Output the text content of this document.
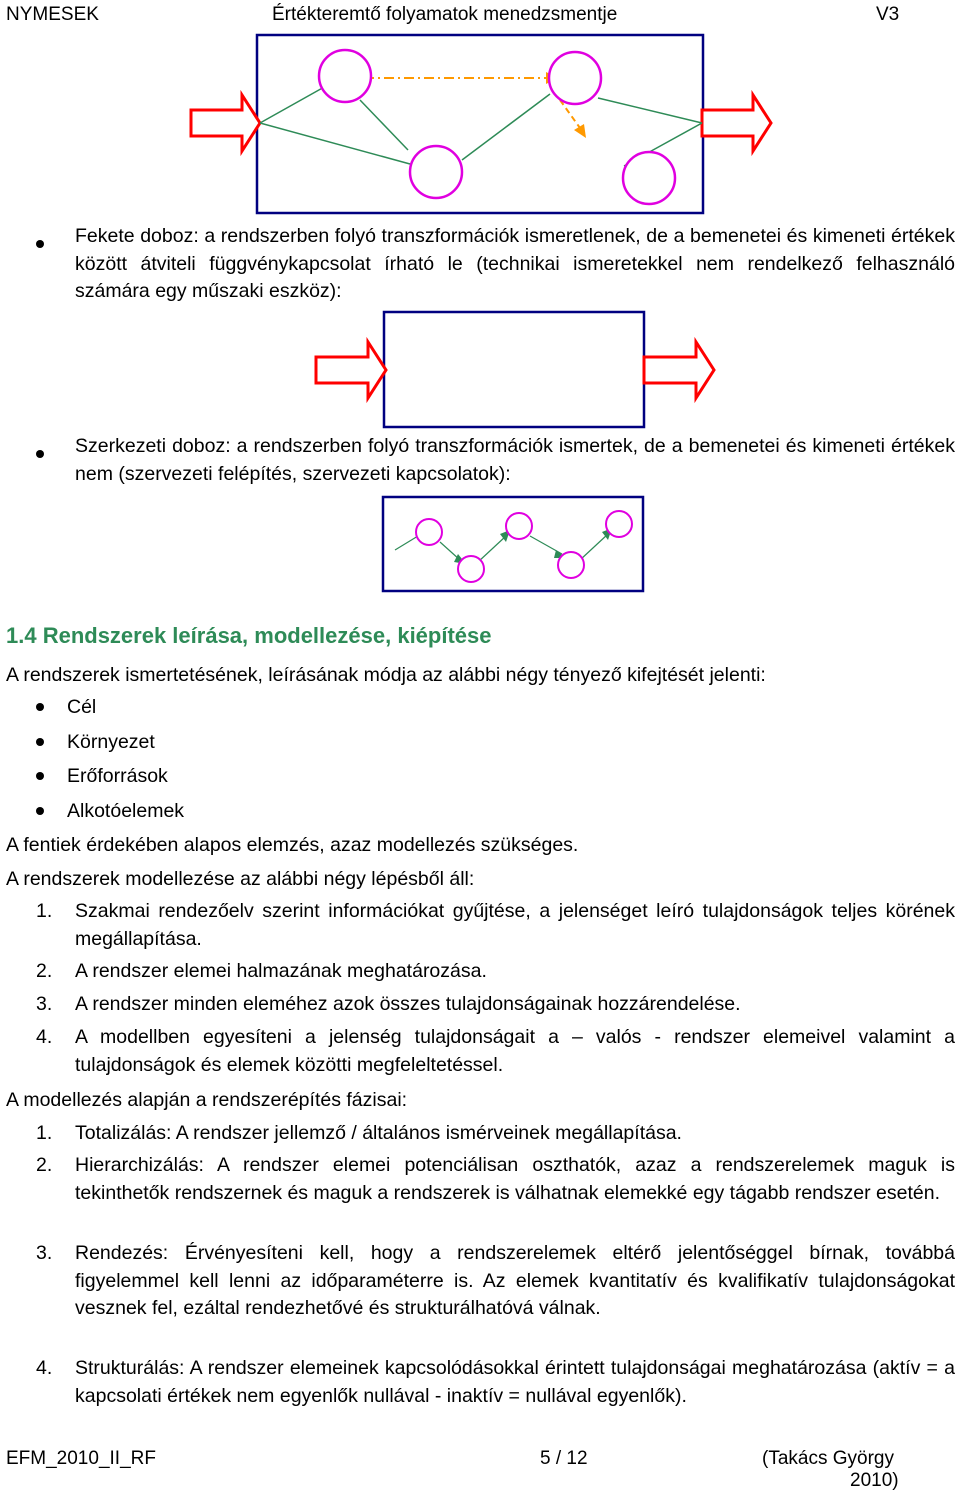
NYMESEK	Értékteremtő folyamatok menedzsmentje	V3
Fekete doboz: a rendszerben folyó transzformációk ismeretlenek, de a bemenetei és kimeneti értékek között átviteli függvénykapcsolat írható le (technikai ismeretekkel nem rendelkező felhasználó számára egy műszaki eszköz):
Szerkezeti doboz: a rendszerben folyó transzformációk ismertek, de a bemenetei és kimeneti értékek nem (szervezeti felépítés, szervezeti kapcsolatok):
1.4 Rendszerek leírása, modellezése, kiépítése
A rendszerek ismertetésének, leírásának módja az alábbi négy tényező kifejtését jelenti:
Cél
Környezet
Erőforrások
Alkotóelemek
A fentiek érdekében alapos elemzés, azaz modellezés szükséges.
A rendszerek modellezése az alábbi négy lépésből áll:
1. Szakmai rendezőelv szerint információkat gyűjtése, a jelenséget leíró tulajdonságok teljes körének megállapítása.
2. A rendszer elemei halmazának meghatározása.
3. A rendszer minden eleméhez azok összes tulajdonságainak hozzárendelése.
4. A modellben egyesíteni a jelenség tulajdonságait a – valós - rendszer elemeivel valamint a tulajdonságok és elemek közötti megfeleltetéssel.
A modellezés alapján a rendszerépítés fázisai:
1. Totalizálás: A rendszer jellemző / általános ismérveinek megállapítása.
2. Hierarchizálás: A rendszer elemei potenciálisan oszthatók, azaz a rendszerelemek maguk is tekinthetők rendszernek és maguk a rendszerek is válhatnak elemekké egy tágabb rendszer esetén.
3. Rendezés: Érvényesíteni kell, hogy a rendszerelemek eltérő jelentőséggel bírnak, továbbá figyelemmel kell lenni az időparaméterre is. Az elemek kvantitatív és kvalifikatív tulajdonságokat vesznek fel, ezáltal rendezhetővé és strukturálhatóvá válnak.
4. Strukturálás: A rendszer elemeinek kapcsolódásokkal érintett tulajdonságai meghatározása (aktív = a kapcsolati értékek nem egyenlők nullával - inaktív = nullával egyenlők).
EFM_2010_II_RF	5 / 12	(Takács György
2010)
